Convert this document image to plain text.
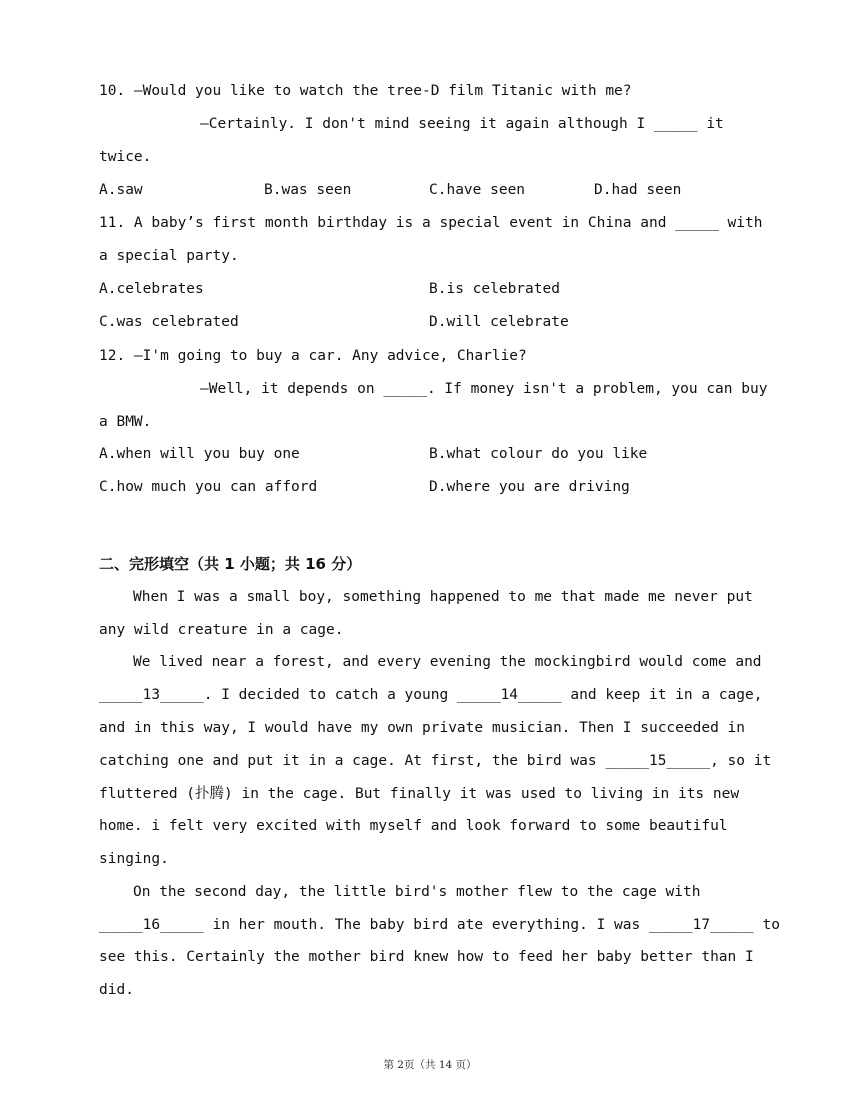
10. —Would you like to watch the tree-D film Titanic with me?
—Certainly. I don't mind seeing it again although I _____ it
twice.
A.saw	B.was seen	C.have seen	D.had seen
11. A baby’s first month birthday is a special event in China and _____ with
a special party.
A.celebrates	B.is celebrated
C.was celebrated	D.will celebrate
12. —I'm going to buy a car. Any advice, Charlie?
—Well, it depends on _____. If money isn't a problem, you can buy
a BMW.
A.when will you buy one	B.what colour do you like
C.how much you can afford	D.where you are driving
二、完形填空（共 1 小题；共 16 分）
When I was a small boy, something happened to me that made me never put
any wild creature in a cage.
We lived near a forest, and every evening the mockingbird would come and
_____13_____. I decided to catch a young _____14_____ and keep it in a cage,
and in this way, I would have my own private musician. Then I succeeded in
catching one and put it in a cage. At first, the bird was _____15_____, so it
fluttered (扑腾) in the cage. But finally it was used to living in its new
home. i felt very excited with myself and look forward to some beautiful
singing.
On the second day, the little bird's mother flew to the cage with
_____16_____ in her mouth. The baby bird ate everything. I was _____17_____ to
see this. Certainly the mother bird knew how to feed her baby better than I
did.
第 2页（共 14 页）
